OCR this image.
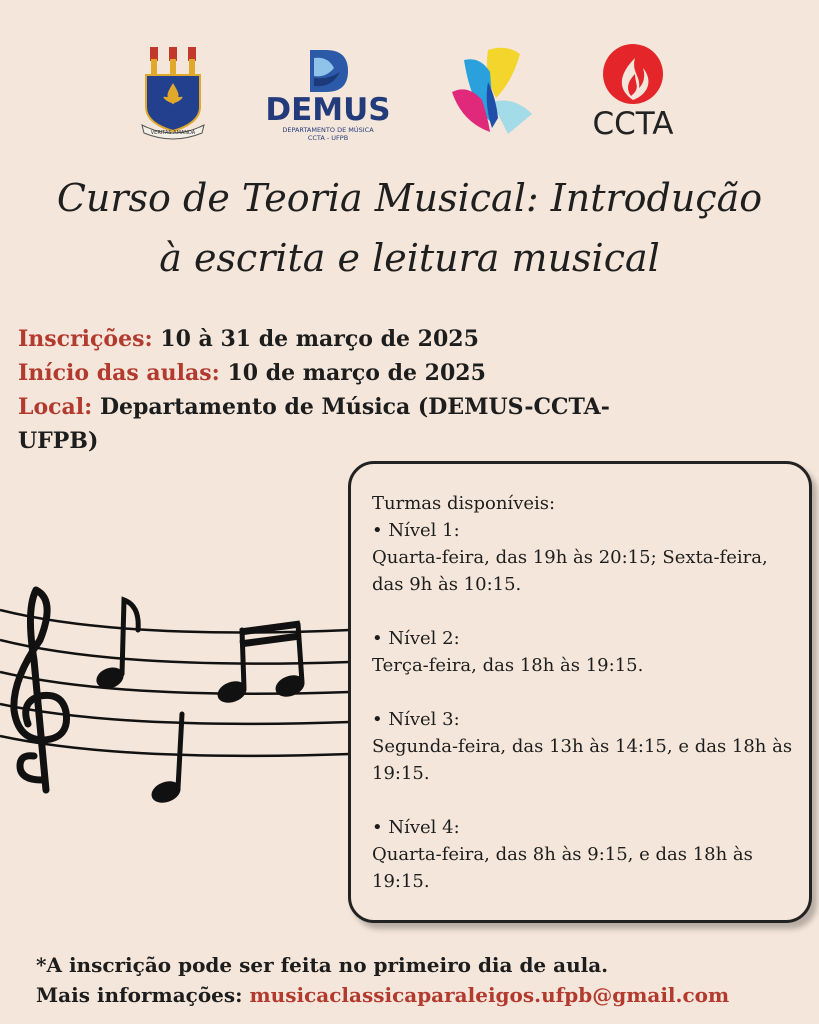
VERITAS AMANDA
DEMUS
DEPARTAMENTO DE MÚSICA
CCTA - UFPB	CCTA
Curso de Teoria Musical: Introdução
à escrita e leitura musical
Inscrições: 10 à 31 de março de 2025
Início das aulas: 10 de março de 2025
Local: Departamento de Música (DEMUS-CCTA-UFPB)

Turmas disponíveis:

• Nível 1:

Quarta-feira, das 19h às 20:15; Sexta-feira, das 9h às 10:15.

• Nível 2:

Terça-feira, das 18h às 19:15.

• Nível 3:

Segunda-feira, das 13h às 14:15, e das 18h às 19:15.

• Nível 4:

Quarta-feira, das 8h às 9:15, e das 18h às 19:15.

*A inscrição pode ser feita no primeiro dia de aula.
Mais informações: musicaclassicaparaleigos.ufpb@gmail.com
